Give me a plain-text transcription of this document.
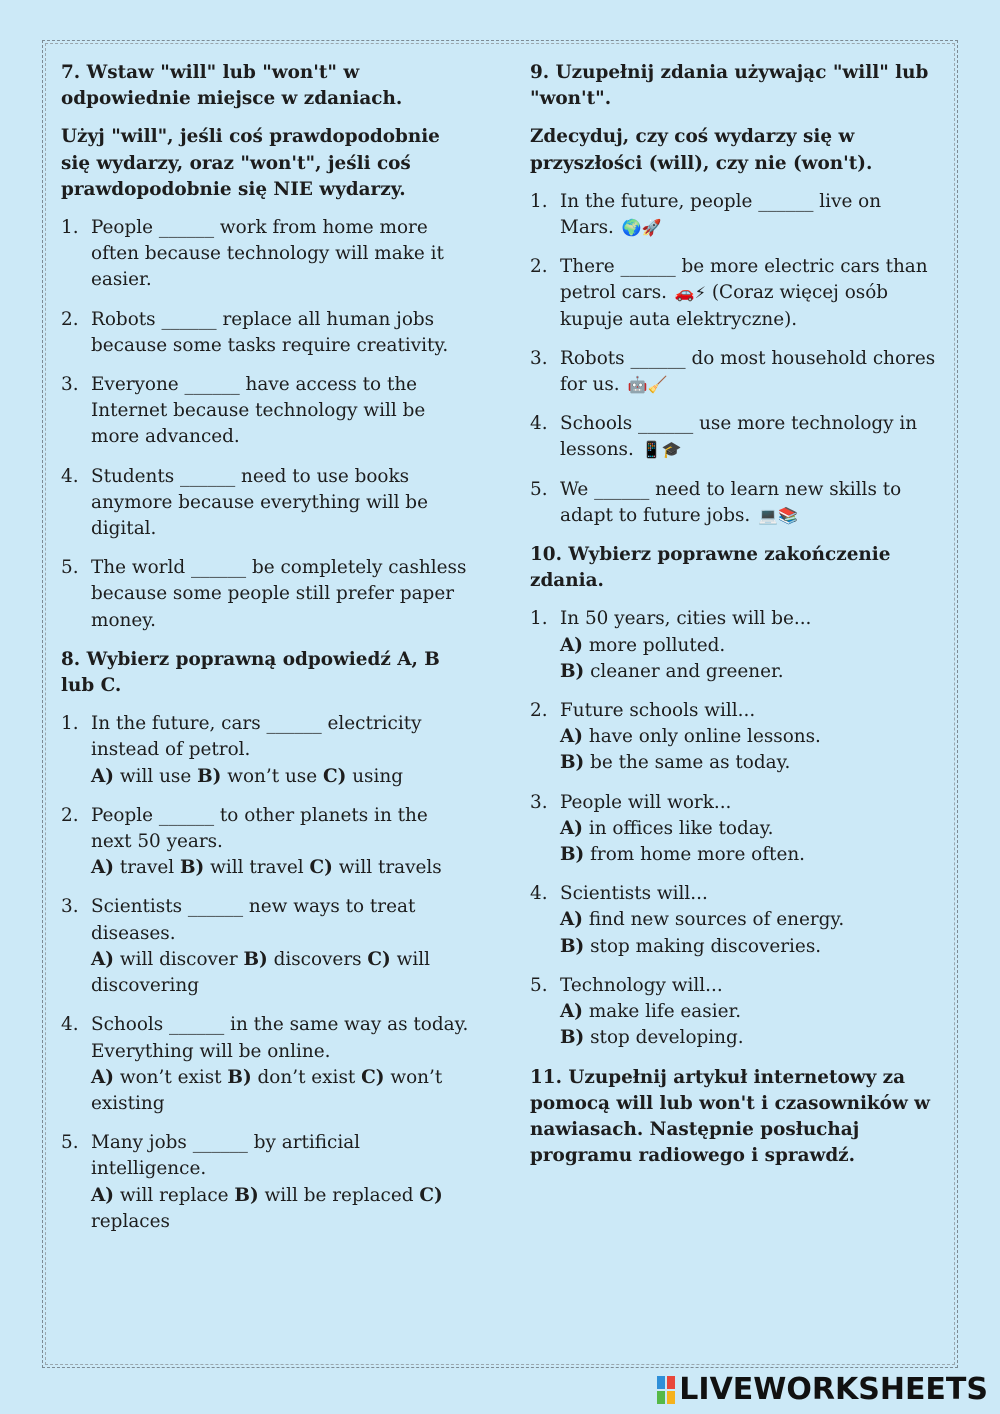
7. Wstaw "will" lub "won't" w odpowiednie miejsce w zdaniach.

Użyj "will", jeśli coś prawdopodobnie się wydarzy, oraz "won't", jeśli coś prawdopodobnie się NIE wydarzy.

1. People ______ work from home more often because technology will make it easier.
2. Robots ______ replace all human jobs because some tasks require creativity.
3. Everyone ______ have access to the Internet because technology will be more advanced.
4. Students ______ need to use books anymore because everything will be digital.
5. The world ______ be completely cashless because some people still prefer paper money.

8. Wybierz poprawną odpowiedź A, B lub C.

1. In the future, cars ______ electricity instead of petrol.
A) will use B) won’t use C) using
2. People ______ to other planets in the next 50 years.
A) travel B) will travel C) will travels
3. Scientists ______ new ways to treat diseases.
A) will discover B) discovers C) will discovering
4. Schools ______ in the same way as today. Everything will be online.
A) won’t exist B) don’t exist C) won’t existing
5. Many jobs ______ by artificial intelligence.
A) will replace B) will be replaced C) replaces

9. Uzupełnij zdania używając "will" lub "won't".

Zdecyduj, czy coś wydarzy się w przyszłości (will), czy nie (won't).

1. In the future, people ______ live on Mars. 🌍🚀
2. There ______ be more electric cars than petrol cars. 🚗⚡ (Coraz więcej osób kupuje auta elektryczne).
3. Robots ______ do most household chores for us. 🤖🧹
4. Schools ______ use more technology in lessons. 📱🎓
5. We ______ need to learn new skills to adapt to future jobs. 💻📚

10. Wybierz poprawne zakończenie zdania.

1. In 50 years, cities will be...
A) more polluted.
B) cleaner and greener.
2. Future schools will...
A) have only online lessons.
B) be the same as today.
3. People will work...
A) in offices like today.
B) from home more often.
4. Scientists will...
A) find new sources of energy.
B) stop making discoveries.
5. Technology will...
A) make life easier.
B) stop developing.

11. Uzupełnij artykuł internetowy za pomocą will lub won't i czasowników w nawiasach. Następnie posłuchaj programu radiowego i sprawdź.

LIVEWORKSHEETS
